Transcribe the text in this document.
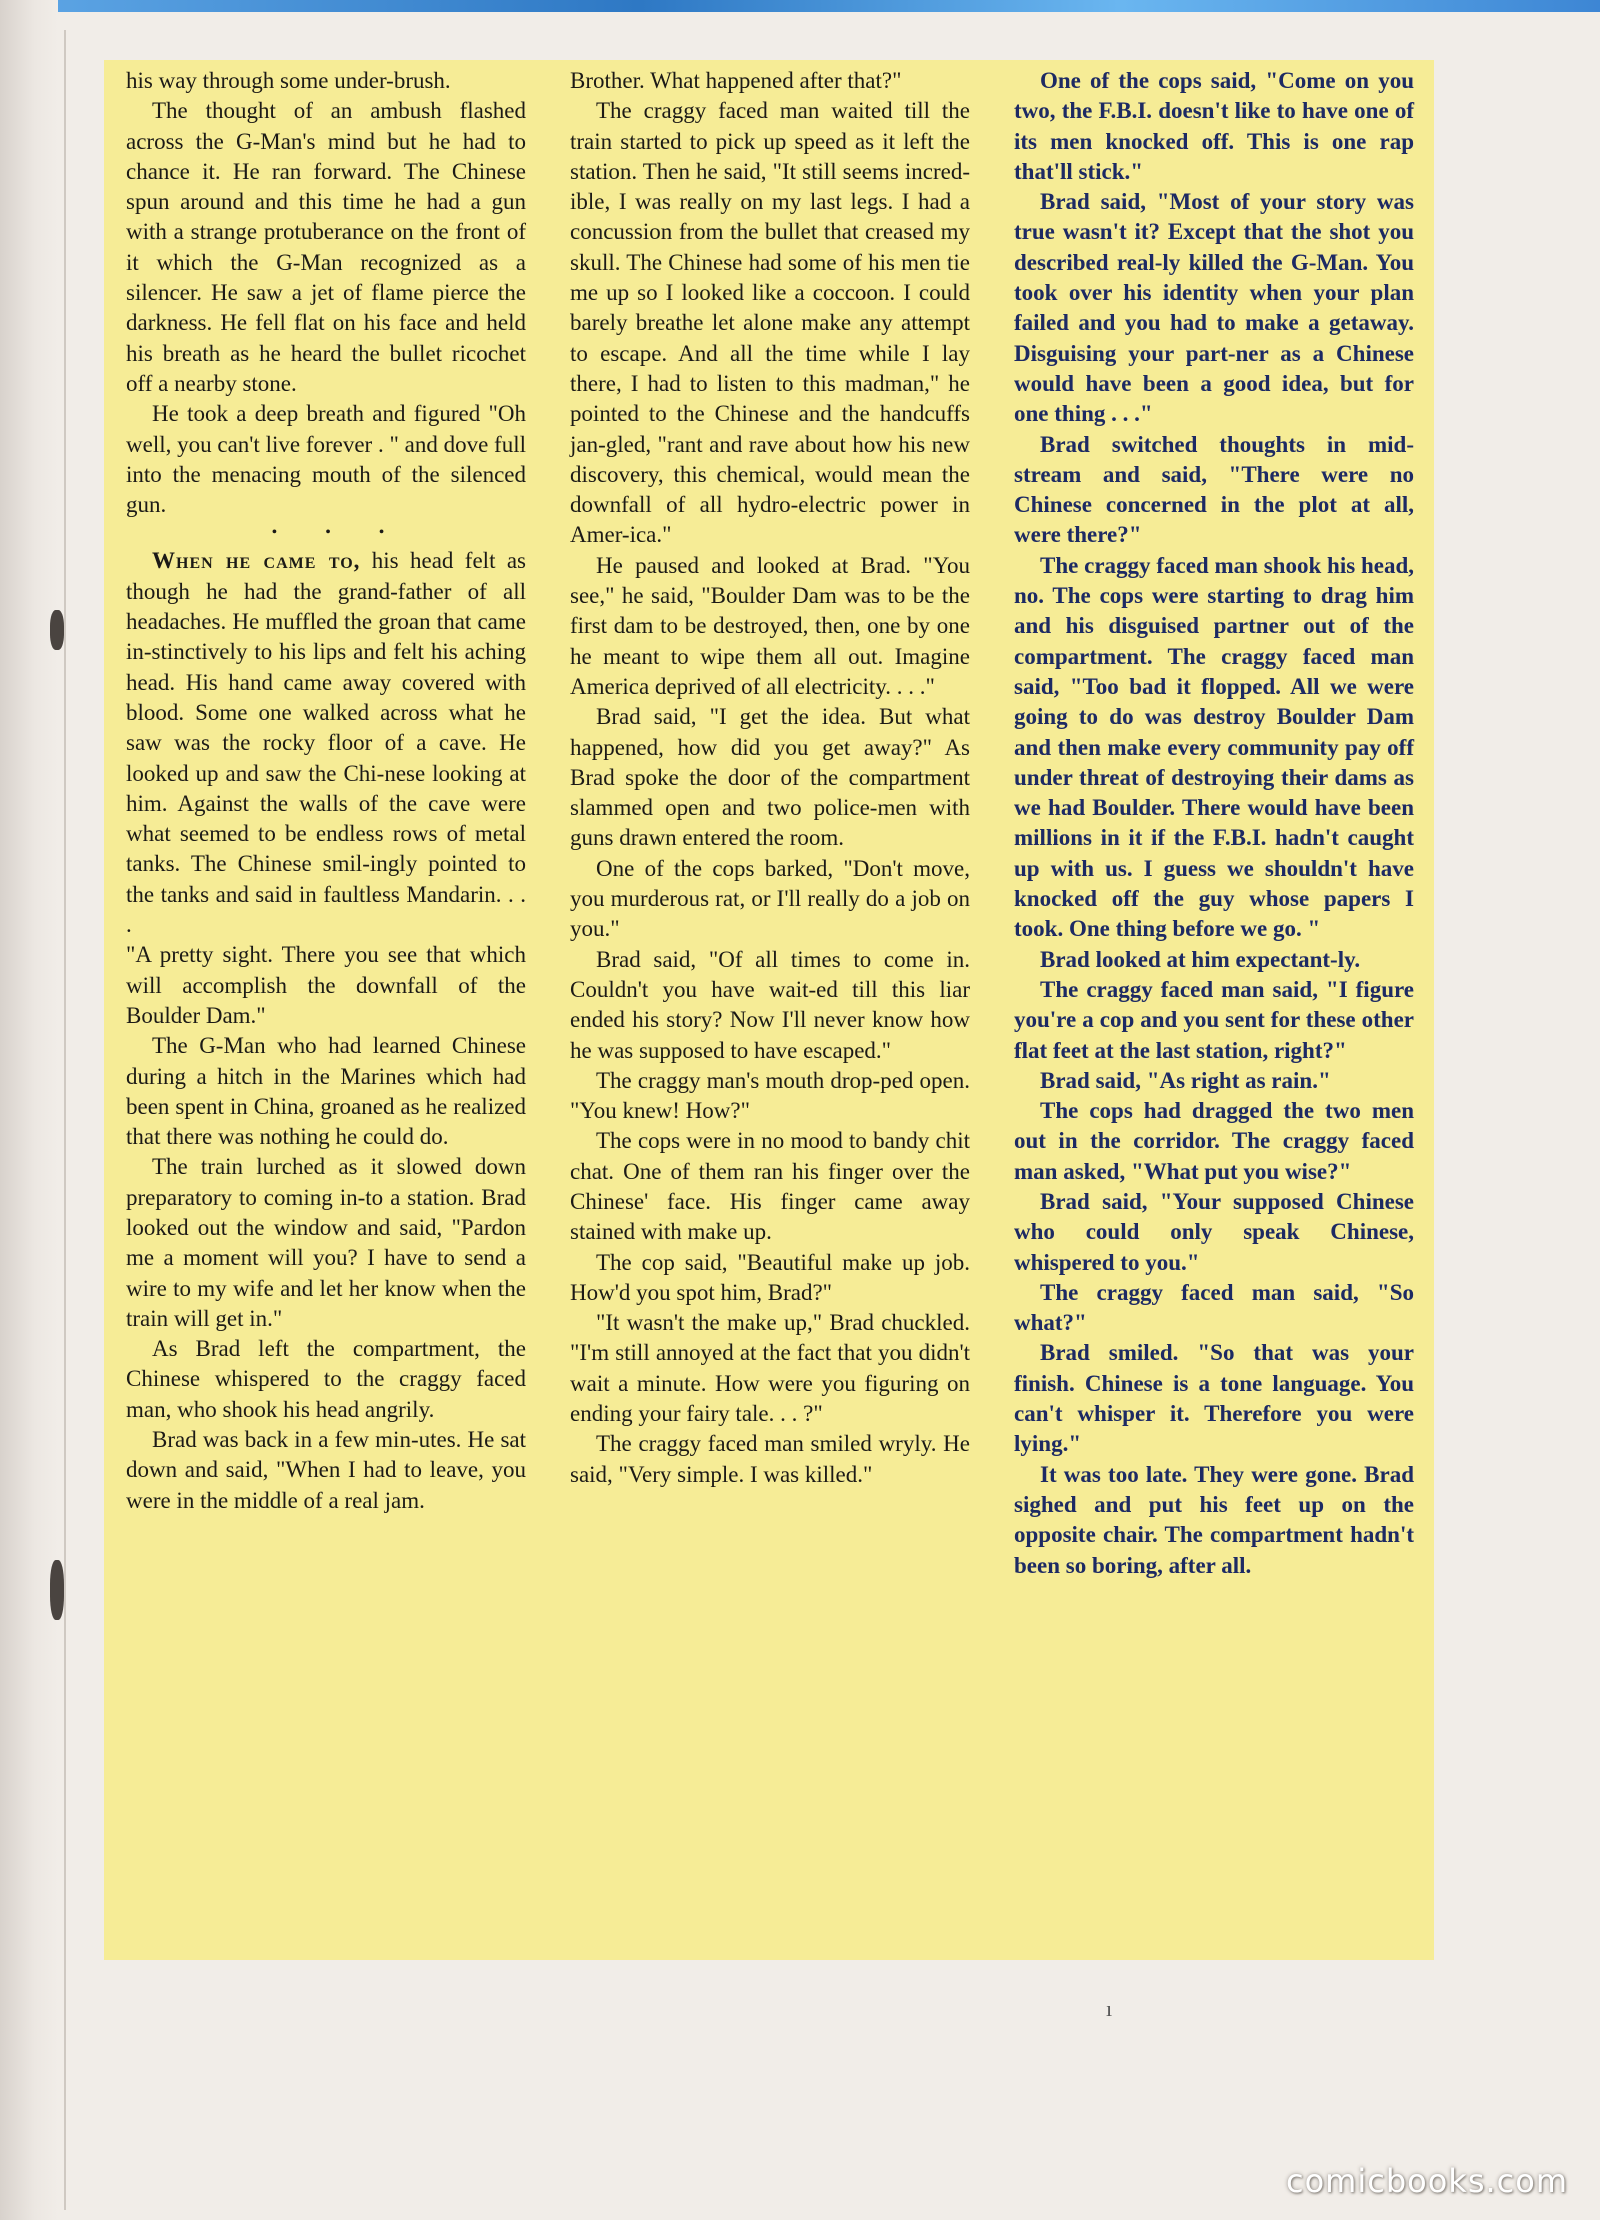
his way through some under-brush.

The thought of an ambush flashed across the G-Man's mind but he had to chance it. He ran forward. The Chinese spun around and this time he had a gun with a strange protuberance on the front of it which the G-Man recognized as a silencer. He saw a jet of flame pierce the darkness. He fell flat on his face and held his breath as he heard the bullet ricochet off a nearby stone.

He took a deep breath and figured "Oh well, you can't live forever . " and dove full into the menacing mouth of the silenced gun.

• • •

When he came to, his head felt as though he had the grand-father of all headaches. He muffled the groan that came in-stinctively to his lips and felt his aching head. His hand came away covered with blood. Some one walked across what he saw was the rocky floor of a cave. He looked up and saw the Chi-nese looking at him. Against the walls of the cave were what seemed to be endless rows of metal tanks. The Chinese smil-ingly pointed to the tanks and said in faultless Mandarin. . . .

"A pretty sight. There you see that which will accomplish the downfall of the Boulder Dam."

The G-Man who had learned Chinese during a hitch in the Marines which had been spent in China, groaned as he realized that there was nothing he could do.

The train lurched as it slowed down preparatory to coming in-to a station. Brad looked out the window and said, "Pardon me a moment will you? I have to send a wire to my wife and let her know when the train will get in."

As Brad left the compartment, the Chinese whispered to the craggy faced man, who shook his head angrily.

Brad was back in a few min-utes. He sat down and said, "When I had to leave, you were in the middle of a real jam.

Brother. What happened after that?"

The craggy faced man waited till the train started to pick up speed as it left the station. Then he said, "It still seems incred-ible, I was really on my last legs. I had a concussion from the bullet that creased my skull. The Chinese had some of his men tie me up so I looked like a coccoon. I could barely breathe let alone make any attempt to escape. And all the time while I lay there, I had to listen to this madman," he pointed to the Chinese and the handcuffs jan-gled, "rant and rave about how his new discovery, this chemical, would mean the downfall of all hydro-electric power in Amer-ica."

He paused and looked at Brad. "You see," he said, "Boulder Dam was to be the first dam to be destroyed, then, one by one he meant to wipe them all out. Imagine America deprived of all electricity. . . ."

Brad said, "I get the idea. But what happened, how did you get away?" As Brad spoke the door of the compartment slammed open and two police-men with guns drawn entered the room.

One of the cops barked, "Don't move, you murderous rat, or I'll really do a job on you."

Brad said, "Of all times to come in. Couldn't you have wait-ed till this liar ended his story? Now I'll never know how he was supposed to have escaped."

The craggy man's mouth drop-ped open. "You knew! How?"

The cops were in no mood to bandy chit chat. One of them ran his finger over the Chinese' face. His finger came away stained with make up.

The cop said, "Beautiful make up job. How'd you spot him, Brad?"

"It wasn't the make up," Brad chuckled. "I'm still annoyed at the fact that you didn't wait a minute. How were you figuring on ending your fairy tale. . . ?"

The craggy faced man smiled wryly. He said, "Very simple. I was killed."

One of the cops said, "Come on you two, the F.B.I. doesn't like to have one of its men knocked off. This is one rap that'll stick."

Brad said, "Most of your story was true wasn't it? Except that the shot you described real-ly killed the G-Man. You took over his identity when your plan failed and you had to make a getaway. Disguising your part-ner as a Chinese would have been a good idea, but for one thing . . ."

Brad switched thoughts in mid-stream and said, "There were no Chinese concerned in the plot at all, were there?"

The craggy faced man shook his head, no. The cops were starting to drag him and his disguised partner out of the compartment. The craggy faced man said, "Too bad it flopped. All we were going to do was destroy Boulder Dam and then make every community pay off under threat of destroying their dams as we had Boulder. There would have been millions in it if the F.B.I. hadn't caught up with us. I guess we shouldn't have knocked off the guy whose papers I took. One thing before we go. "

Brad looked at him expectant-ly.

The craggy faced man said, "I figure you're a cop and you sent for these other flat feet at the last station, right?"

Brad said, "As right as rain."

The cops had dragged the two men out in the corridor. The craggy faced man asked, "What put you wise?"

Brad said, "Your supposed Chinese who could only speak Chinese, whispered to you."

The craggy faced man said, "So what?"

Brad smiled. "So that was your finish. Chinese is a tone language. You can't whisper it. Therefore you were lying."

It was too late. They were gone. Brad sighed and put his feet up on the opposite chair. The compartment hadn't been so boring, after all.

ı
comicbooks.com
